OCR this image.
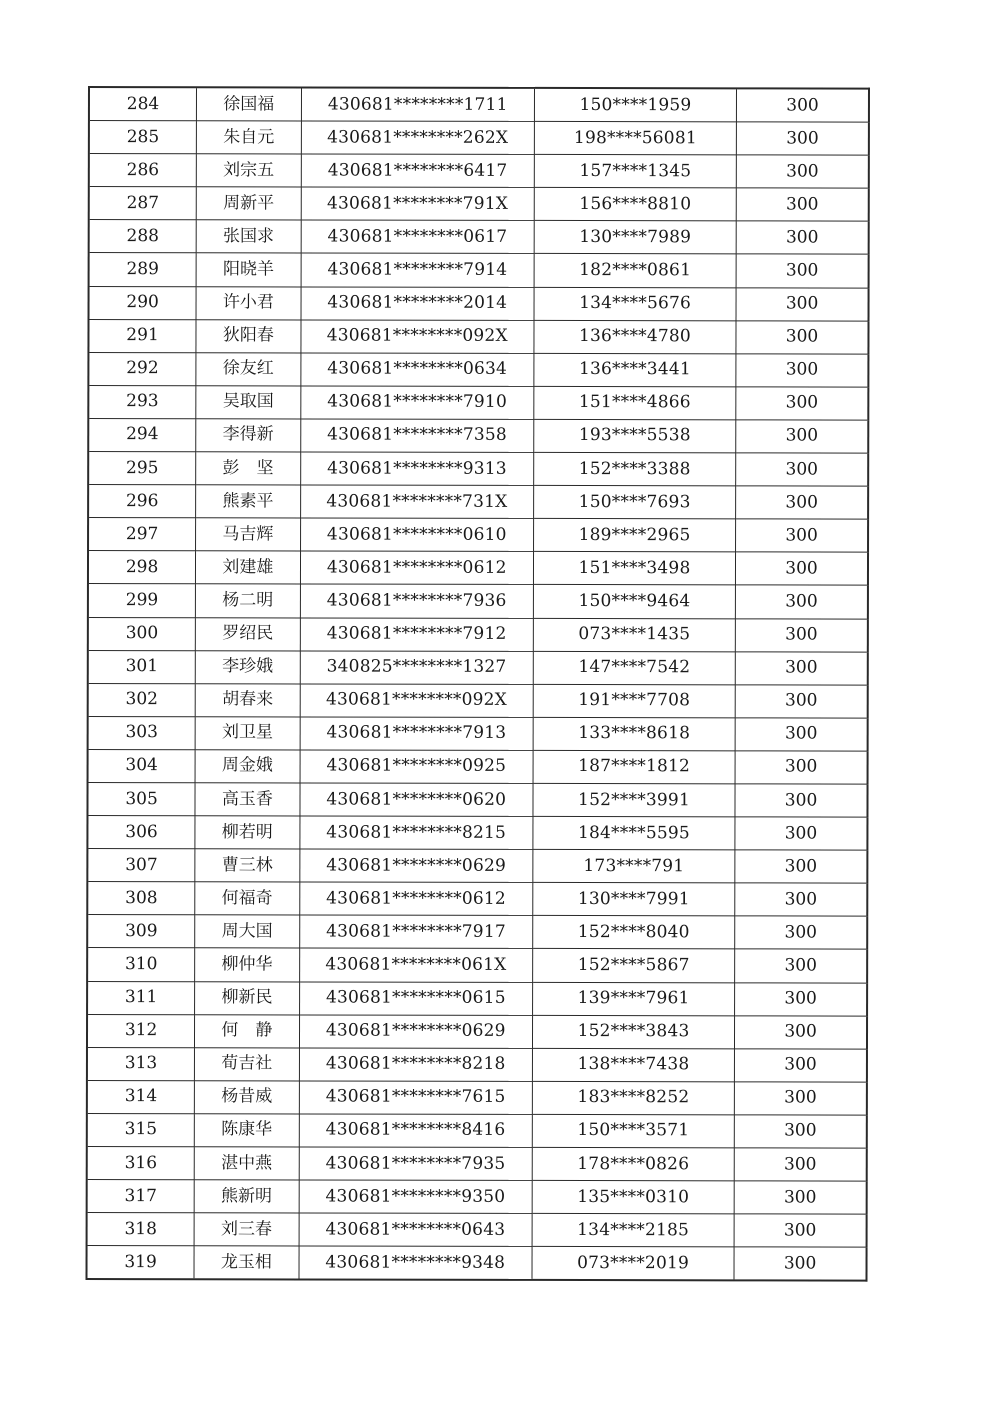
284	徐国福	430681********1711	150****1959	300
285	朱自元	430681********262X	198****56081	300
286	刘宗五	430681********6417	157****1345	300
287	周新平	430681********791X	156****8810	300
288	张国求	430681********0617	130****7989	300
289	阳晓羊	430681********7914	182****0861	300
290	许小君	430681********2014	134****5676	300
291	狄阳春	430681********092X	136****4780	300
292	徐友红	430681********0634	136****3441	300
293	吴取国	430681********7910	151****4866	300
294	李得新	430681********7358	193****5538	300
295	彭　坚	430681********9313	152****3388	300
296	熊素平	430681********731X	150****7693	300
297	马吉辉	430681********0610	189****2965	300
298	刘建雄	430681********0612	151****3498	300
299	杨二明	430681********7936	150****9464	300
300	罗绍民	430681********7912	073****1435	300
301	李珍娥	340825********1327	147****7542	300
302	胡春来	430681********092X	191****7708	300
303	刘卫星	430681********7913	133****8618	300
304	周金娥	430681********0925	187****1812	300
305	高玉香	430681********0620	152****3991	300
306	柳若明	430681********8215	184****5595	300
307	曹三林	430681********0629	173****791	300
308	何福奇	430681********0612	130****7991	300
309	周大国	430681********7917	152****8040	300
310	柳仲华	430681********061X	152****5867	300
311	柳新民	430681********0615	139****7961	300
312	何　静	430681********0629	152****3843	300
313	荀吉社	430681********8218	138****7438	300
314	杨昔威	430681********7615	183****8252	300
315	陈康华	430681********8416	150****3571	300
316	湛中燕	430681********7935	178****0826	300
317	熊新明	430681********9350	135****0310	300
318	刘三春	430681********0643	134****2185	300
319	龙玉相	430681********9348	073****2019	300
